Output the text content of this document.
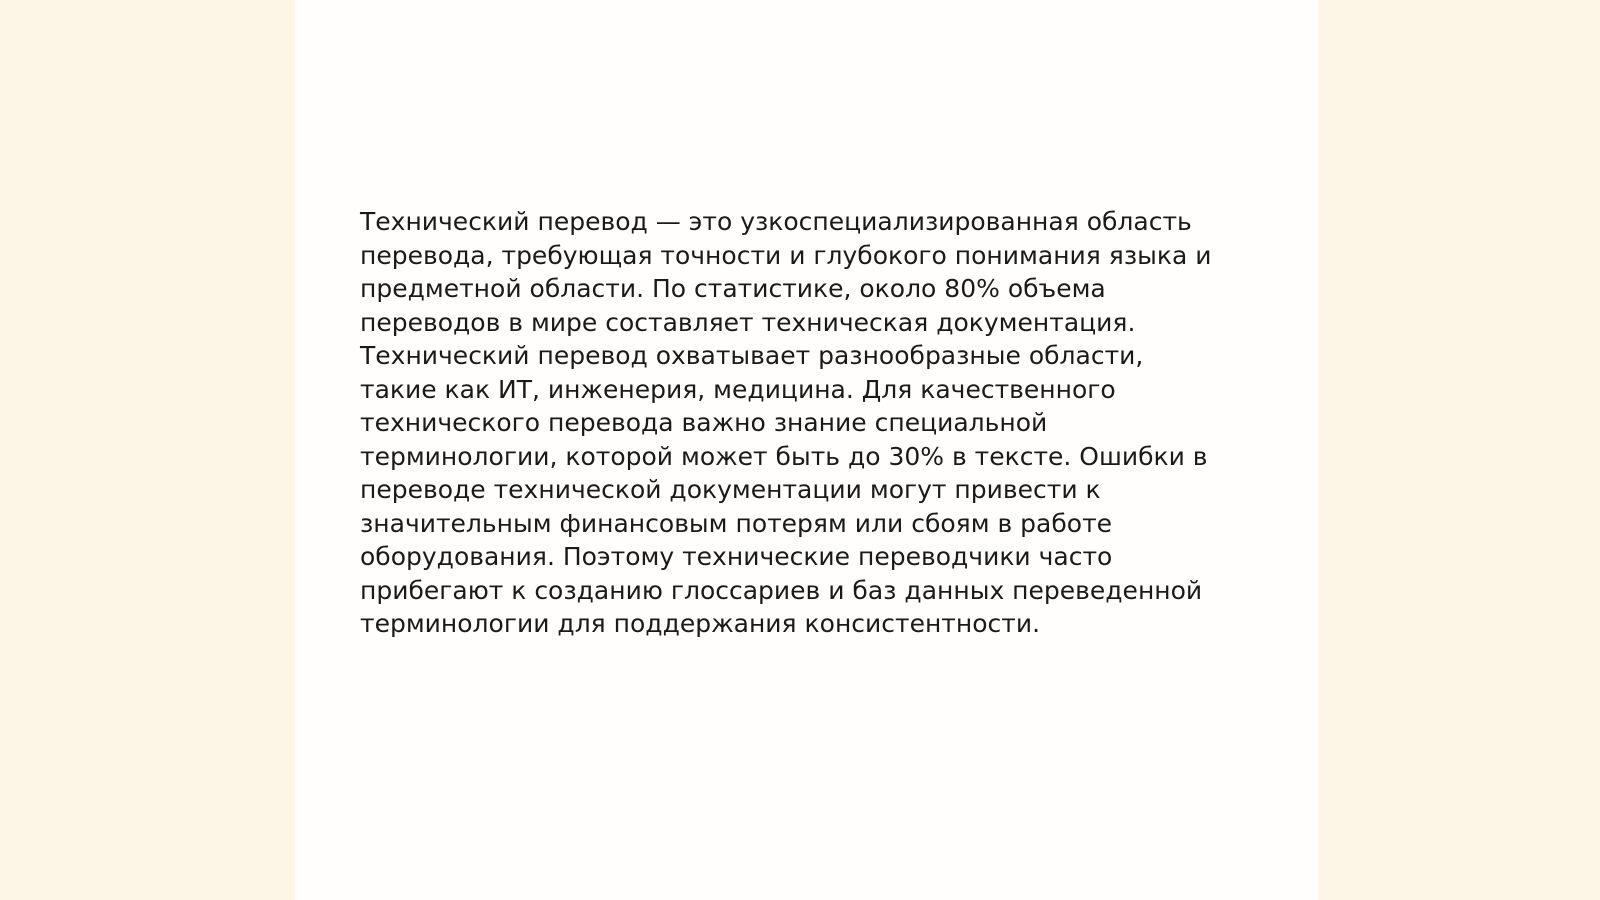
Технический перевод — это узкоспециализированная область
перевода, требующая точности и глубокого понимания языка и
предметной области. По статистике, около 80% объема
переводов в мире составляет техническая документация.
Технический перевод охватывает разнообразные области,
такие как ИТ, инженерия, медицина. Для качественного
технического перевода важно знание специальной
терминологии, которой может быть до 30% в тексте. Ошибки в
переводе технической документации могут привести к
значительным финансовым потерям или сбоям в работе
оборудования. Поэтому технические переводчики часто
прибегают к созданию глоссариев и баз данных переведенной
терминологии для поддержания консистентности.
